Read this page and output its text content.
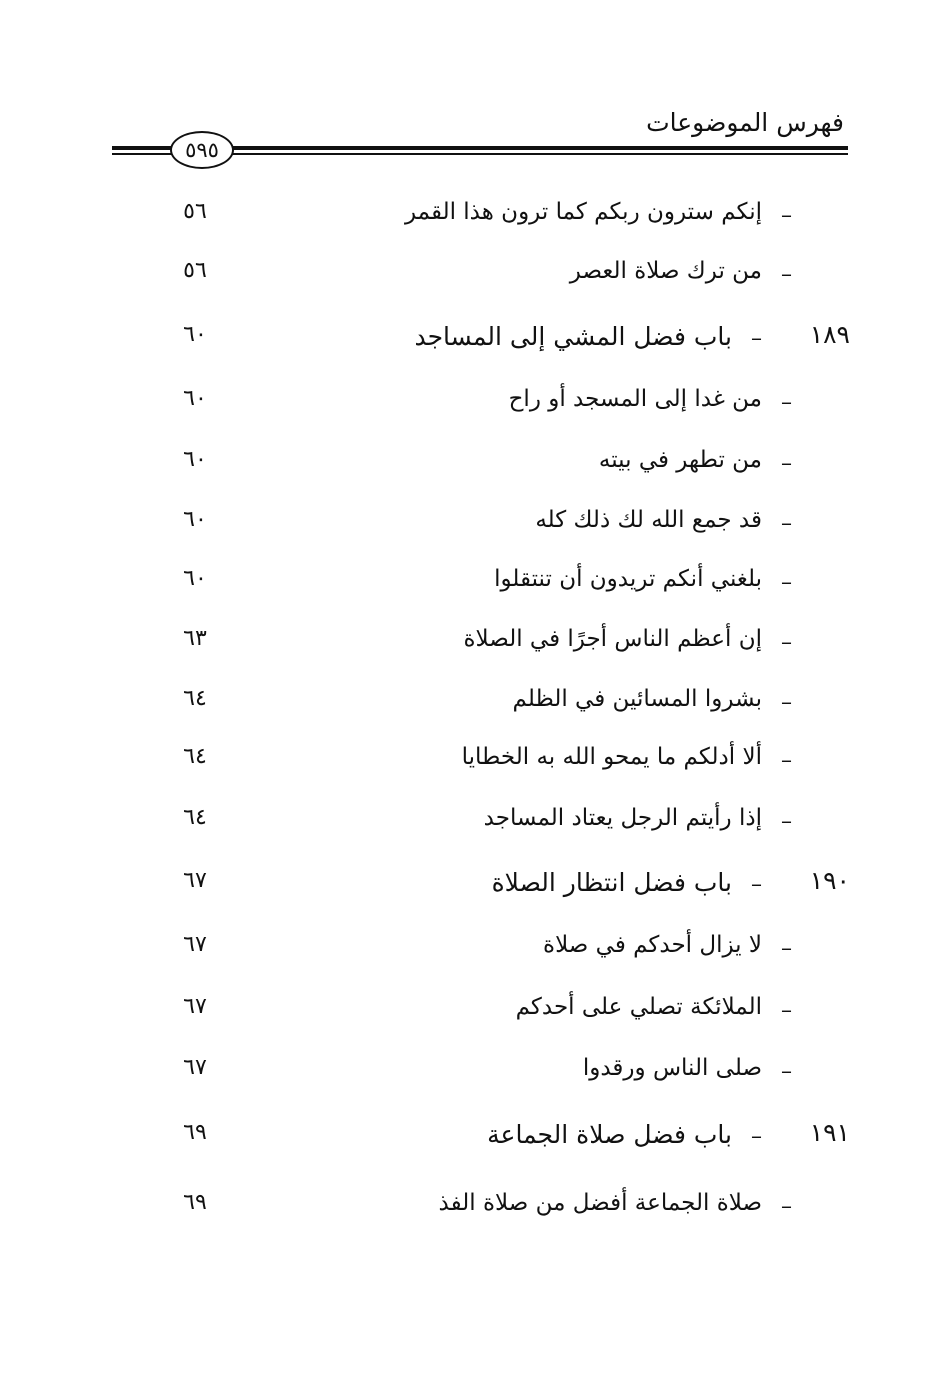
فهرس الموضوعات
٥٩٥
–
إنكم سترون ربكم كما ترون هذا القمر
٥٦
–
من ترك صلاة العصر
٥٦
١٨٩
–
باب فضل المشي إلى المساجد
٦٠
–
من غدا إلى المسجد أو راح
٦٠
–
من تطهر في بيته
٦٠
–
قد جمع الله لك ذلك كله
٦٠
–
بلغني أنكم تريدون أن تنتقلوا
٦٠
–
إن أعظم الناس أجرًا في الصلاة
٦٣
–
بشروا المسائين في الظلم
٦٤
–
ألا أدلكم ما يمحو الله به الخطايا
٦٤
–
إذا رأيتم الرجل يعتاد المساجد
٦٤
١٩٠
–
باب فضل انتظار الصلاة
٦٧
–
لا يزال أحدكم في صلاة
٦٧
–
الملائكة تصلي على أحدكم
٦٧
–
صلى الناس ورقدوا
٦٧
١٩١
–
باب فضل صلاة الجماعة
٦٩
–
صلاة الجماعة أفضل من صلاة الفذ
٦٩
